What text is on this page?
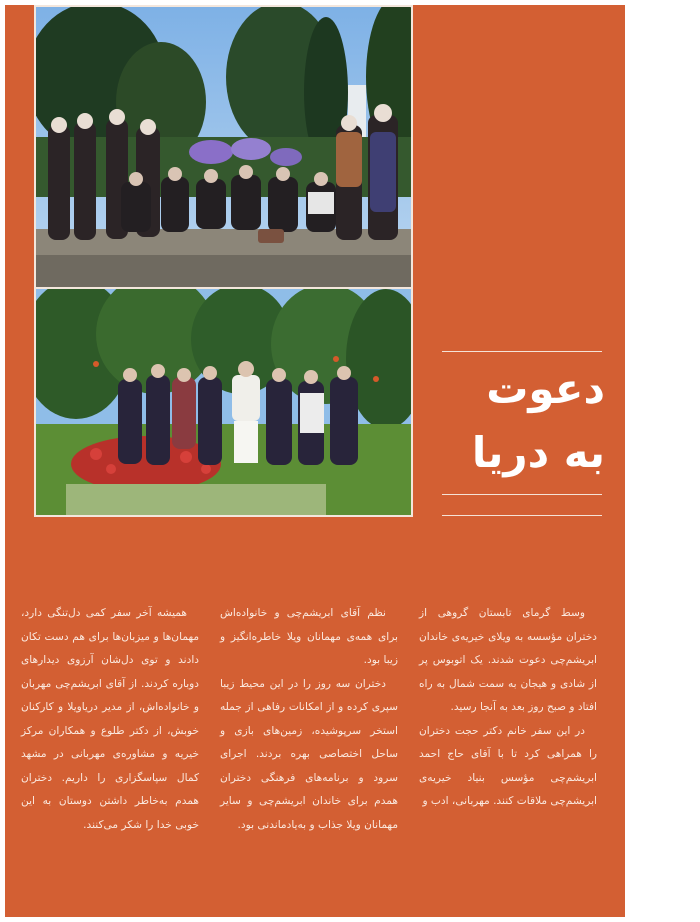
دعوت
به دریا

وسط گرمای تابستان گروهی از دختران مؤسسه به ویلای خیریه‌ی خاندان ابریشم‌چی دعوت شدند. یک اتوبوس پر از شادی و هیجان به سمت شمال به راه افتاد و صبح روز بعد به آنجا رسید.

در این سفر خانم دکتر حجت دختران را همراهی کرد تا با آقای حاج احمد ابریشم‌چی مؤسس بنیاد خیریه‌ی ابریشم‌چی ملاقات کنند. مهربانی، ادب و

نظم آقای ابریشم‌چی و خانواده‌اش برای همه‌ی مهمانان ویلا خاطره‌انگیز و زیبا بود.

دختران سه روز را در این محیط زیبا سپری کرده و از امکانات رفاهی از جمله استخر سرپوشیده، زمین‌های بازی و ساحل اختصاصی بهره بردند. اجرای سرود و برنامه‌های فرهنگی دختران همدم برای خاندان ابریشم‌چی و سایر مهمانان ویلا جذاب و به‌یادماندنی بود.

همیشه آخر سفر کمی دل‌تنگی دارد، مهمان‌ها و میزبان‌ها برای هم دست تکان دادند و توی دل‌شان آرزوی دیدارهای دوباره کردند. از آقای ابریشم‌چی مهربان و خانواده‌اش، از مدیر دریاویلا و کارکنان خوبش، از دکتر طلوع و همکاران مرکز خیریه و مشاوره‌ی مهربانی در مشهد کمال سپاسگزاری را داریم. دختران همدم به‌خاطر داشتن دوستان به این خوبی خدا را شکر می‌کنند.
